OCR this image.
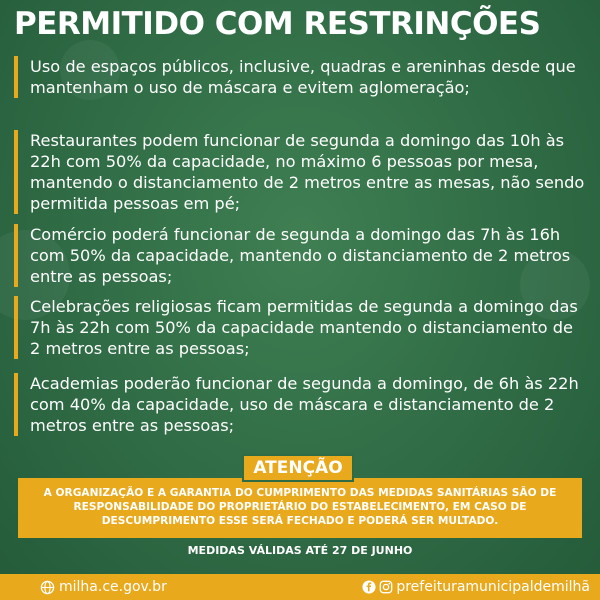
PERMITIDO COM RESTRINÇÕES
Uso de espaços públicos, inclusive, quadras e areninhas desde que mantenham o uso de máscara e evitem aglomeração;
Restaurantes podem funcionar de segunda a domingo das 10h às 22h com 50% da capacidade, no máximo 6 pessoas por mesa, mantendo o distanciamento de 2 metros entre as mesas, não sendo permitida pessoas em pé;
Comércio poderá funcionar de segunda a domingo das 7h às 16h com 50% da capacidade, mantendo o distanciamento de 2 metros entre as pessoas;
Celebrações religiosas ficam permitidas de segunda a domingo das 7h às 22h com 50% da capacidade mantendo o distanciamento de 2 metros entre as pessoas;
Academias poderão funcionar de segunda a domingo, de 6h às 22h com 40% da capacidade, uso de máscara e distanciamento de 2 metros entre as pessoas;
A ORGANIZAÇÃO E A GARANTIA DO CUMPRIMENTO DAS MEDIDAS SANITÁRIAS SÃO DE RESPONSABILIDADE DO PROPRIETÁRIO DO ESTABELECIMENTO, EM CASO DE DESCUMPRIMENTO ESSE SERÁ FECHADO E PODERÁ SER MULTADO.
ATENÇÃO
MEDIDAS VÁLIDAS ATÉ 27 DE JUNHO
milha.ce.gov.br	prefeituramunicipaldemilhã
